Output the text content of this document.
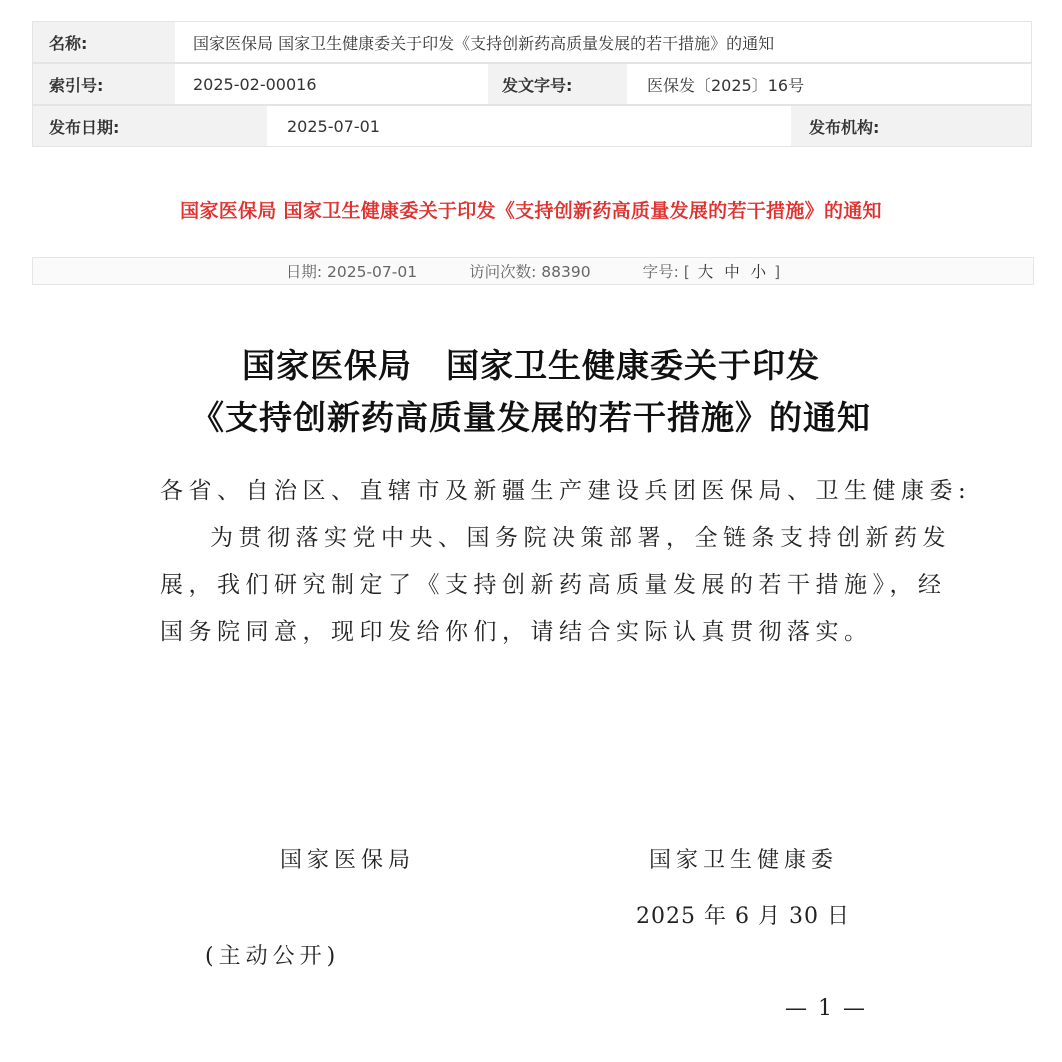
名称:	国家医保局 国家卫生健康委关于印发《支持创新药高质量发展的若干措施》的通知
索引号:	2025-02-00016	发文字号:	医保发〔2025〕16号
发布日期:	2025-07-01	发布机构:
国家医保局 国家卫生健康委关于印发《支持创新药高质量发展的若干措施》的通知
日期: 2025-07-01	访问次数: 88390	字号: [ 大 中 小 ]
国家医保局　国家卫生健康委关于印发
《支持创新药高质量发展的若干措施》的通知
各省、自治区、直辖市及新疆生产建设兵团医保局、卫生健康委:
为贯彻落实党中央、国务院决策部署，全链条支持创新药发
展，我们研究制定了《支持创新药高质量发展的若干措施》，经
国务院同意，现印发给你们，请结合实际认真贯彻落实。
国家医保局	国家卫生健康委
2025 年 6 月 30 日
(主动公开)
— 1 —
